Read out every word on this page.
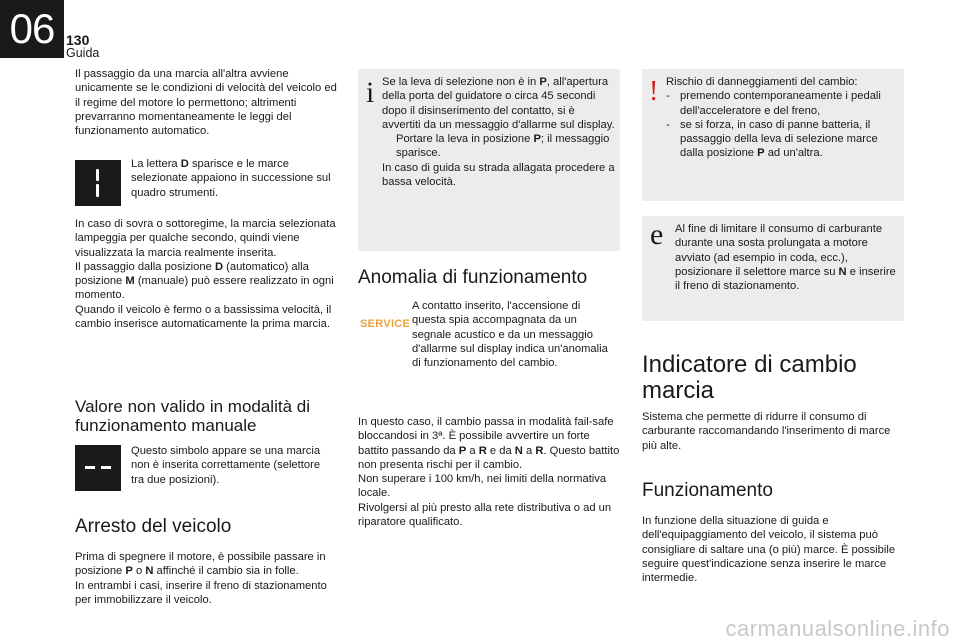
06 130
Guida

Il passaggio da una marcia all'altra avviene unicamente se le condizioni di velocità del veicolo ed il regime del motore lo permettono; altrimenti prevarranno momentaneamente le leggi del funzionamento automatico.

La lettera D sparisce e le marce selezionate appaiono in successione sul quadro strumenti.

In caso di sovra o sottoregime, la marcia selezionata lampeggia per qualche secondo, quindi viene visualizzata la marcia realmente inserita.

Il passaggio dalla posizione D (automatico) alla posizione M (manuale) può essere realizzato in ogni momento.

Quando il veicolo è fermo o a bassissima velocità, il cambio inserisce automaticamente la prima marcia.

Valore non valido in modalità di funzionamento manuale

Questo simbolo appare se una marcia non è inserita correttamente (selettore tra due posizioni).

Arresto del veicolo

Prima di spegnere il motore, è possibile passare in posizione P o N affinché il cambio sia in folle.

In entrambi i casi, inserire il freno di stazionamento per immobilizzare il veicolo.

i Se la leva di selezione non è in P, all'apertura della porta del guidatore o circa 45 secondi dopo il disinserimento del contatto, si è avvertiti da un messaggio d'allarme sul display.

Portare la leva in posizione P; il messaggio sparisce.

In caso di guida su strada allagata procedere a bassa velocità.

Anomalia di funzionamento
SERVICE

A contatto inserito, l'accensione di questa spia accompagnata da un segnale acustico e da un messaggio d'allarme sul display indica un'anomalia di funzionamento del cambio.

In questo caso, il cambio passa in modalità fail-safe bloccandosi in 3ª. È possibile avvertire un forte battito passando da P a R e da N a R. Questo battito non presenta rischi per il cambio.

Non superare i 100 km/h, nei limiti della normativa locale.

Rivolgersi al più presto alla rete distributiva o ad un riparatore qualificato.

! Rischio di danneggiamenti del cambio:

- premendo contemporaneamente i pedali dell'acceleratore e del freno,

- se si forza, in caso di panne batteria, il passaggio della leva di selezione marce dalla posizione P ad un'altra.

e Al fine di limitare il consumo di carburante durante una sosta prolungata a motore avviato (ad esempio in coda, ecc.), posizionare il selettore marce su N e inserire il freno di stazionamento.

Indicatore di cambio marcia

Sistema che permette di ridurre il consumo di carburante raccomandando l'inserimento di marce più alte.

Funzionamento

In funzione della situazione di guida e dell'equipaggiamento del veicolo, il sistema può consigliare di saltare una (o più) marce. È possibile seguire quest'indicazione senza inserire le marce intermedie.

carmanualsonline.info
